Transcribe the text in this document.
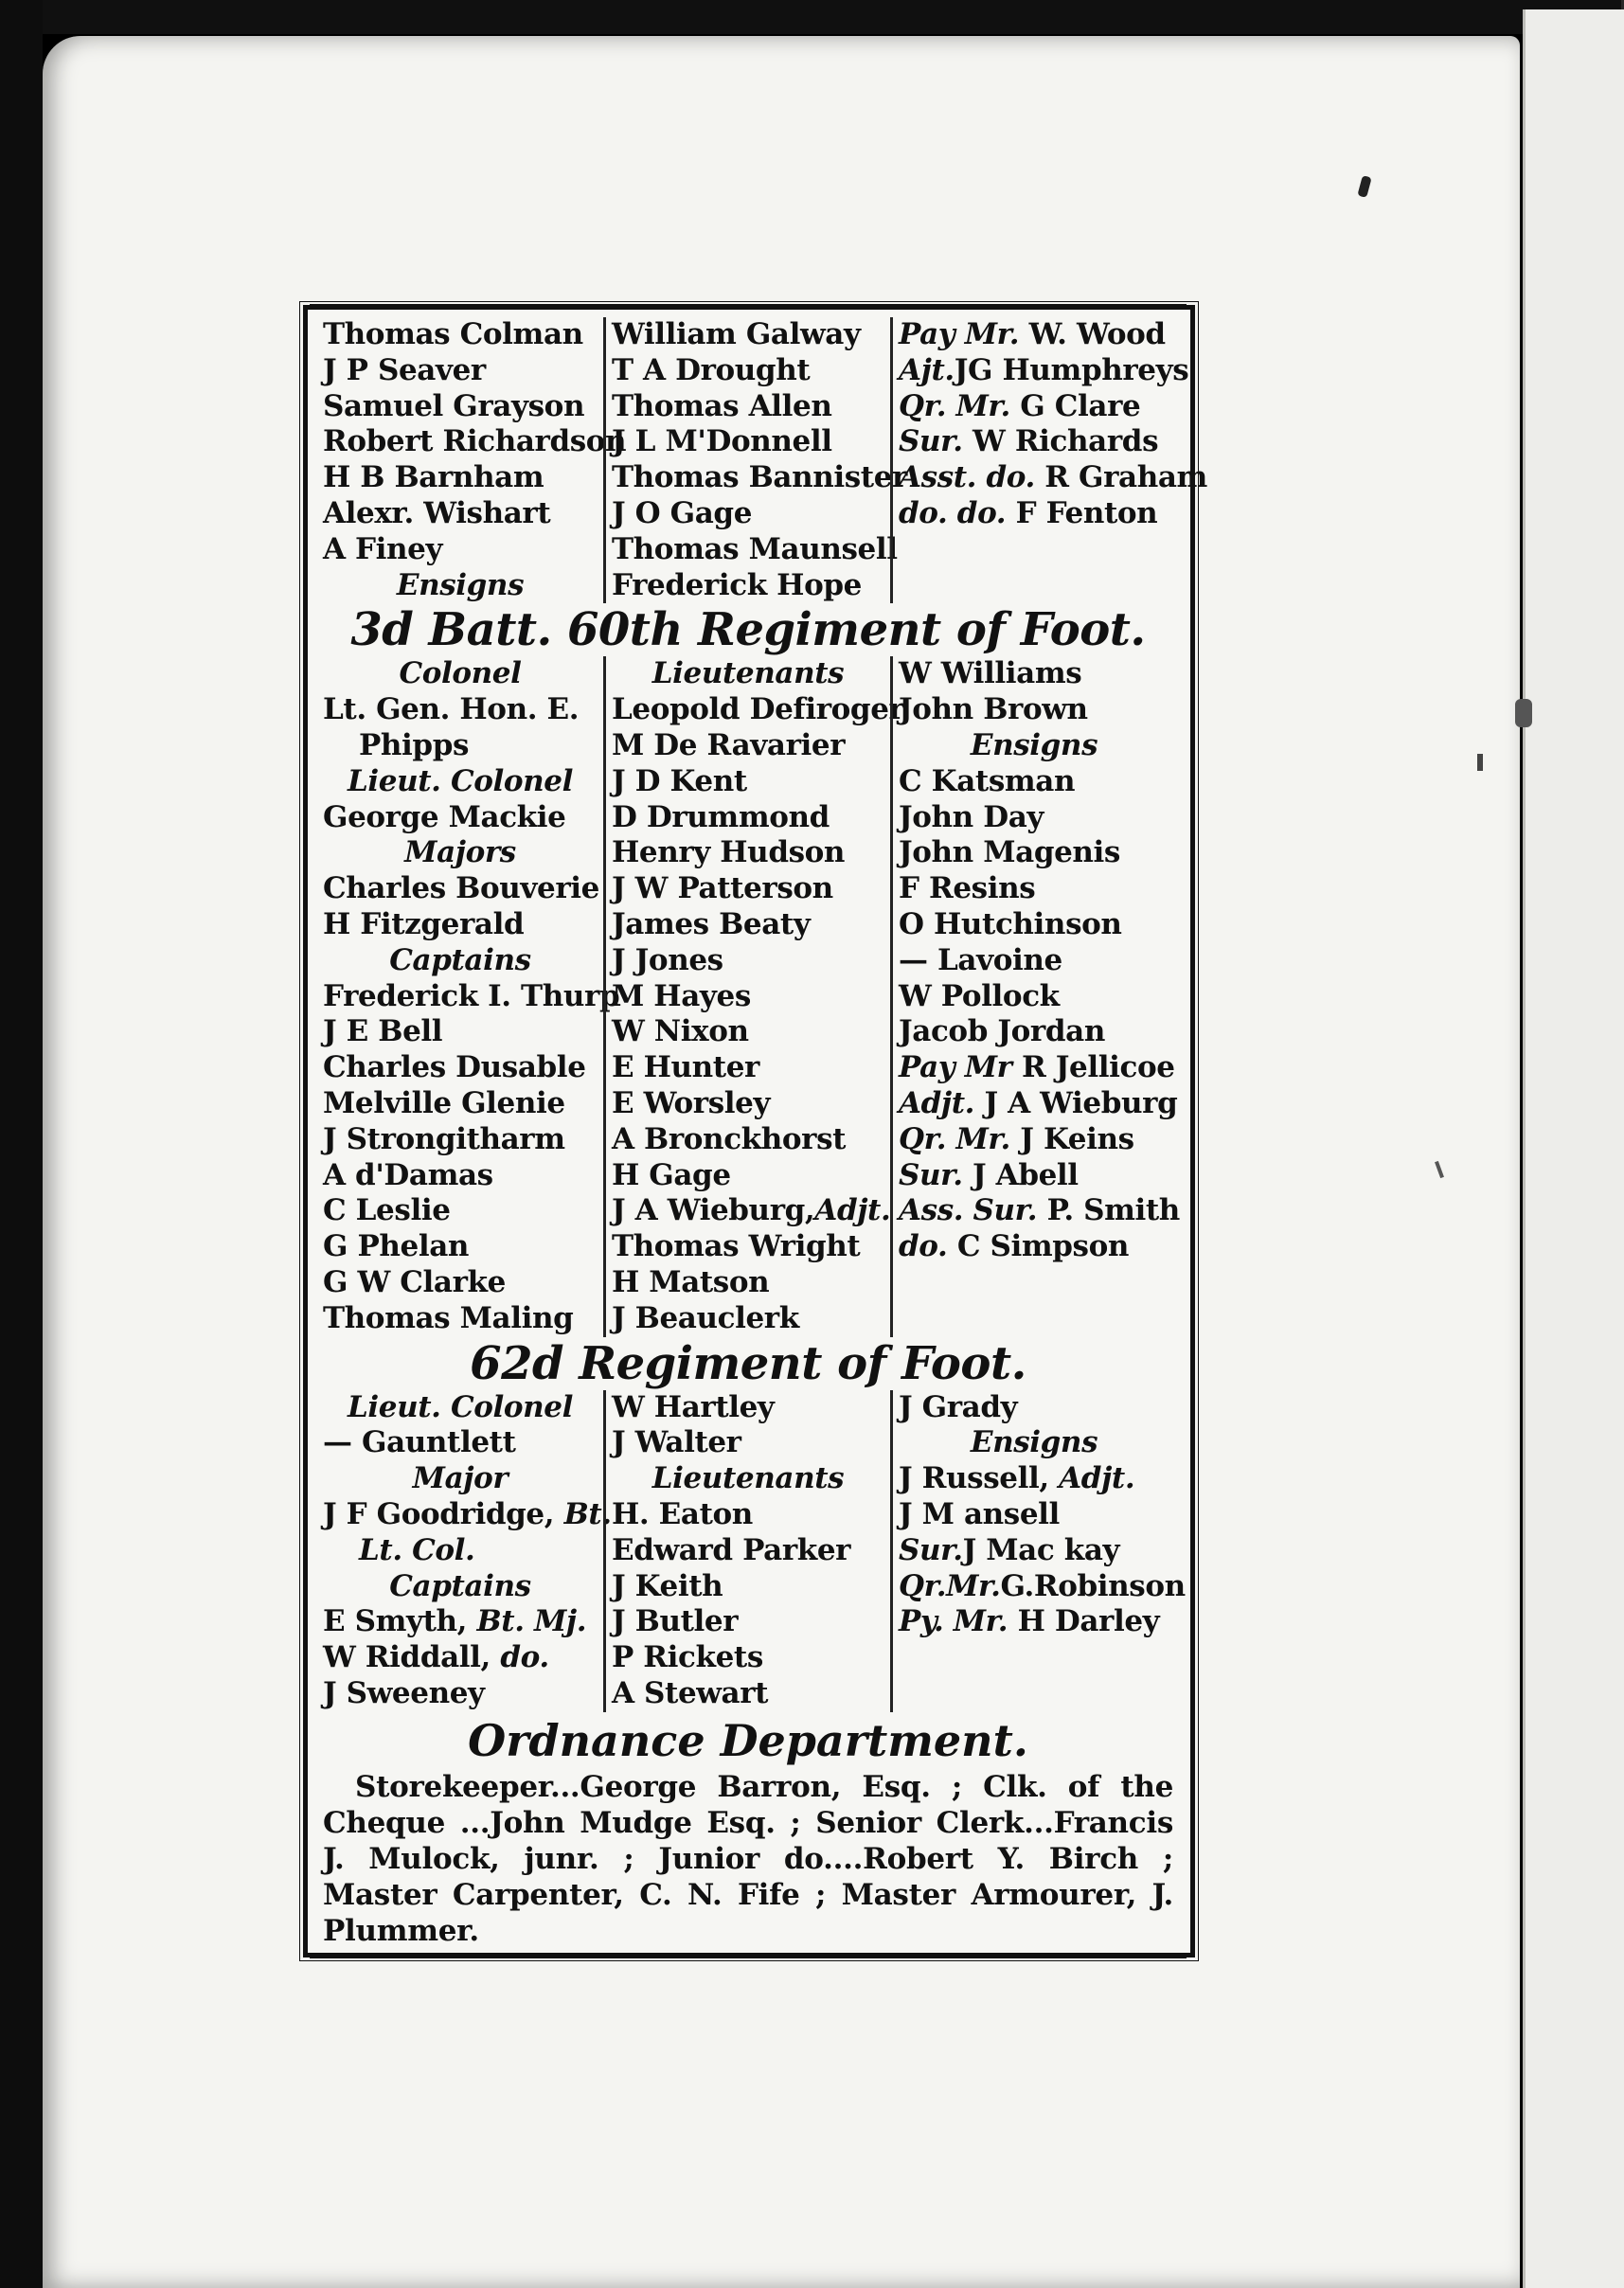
Thomas Colman
J P Seaver
Samuel Grayson
Robert Richardson
H B Barnham
Alexr. Wishart
A Finey
Ensigns
William Galway
T A Drought
Thomas Allen
J L M'Donnell
Thomas Bannister
J O Gage
Thomas Maunsell
Frederick Hope
Pay Mr. W. Wood
Ajt.JG Humphreys
Qr. Mr. G Clare
Sur. W Richards
Asst. do. R Graham
do. do. F Fenton
3d Batt. 60th Regiment of Foot.
Colonel
Lt. Gen. Hon. E.
Phipps
Lieut. Colonel
George Mackie
Majors
Charles Bouverie
H Fitzgerald
Captains
Frederick I. Thurp
J E Bell
Charles Dusable
Melville Glenie
J Strongitharm
A d'Damas
C Leslie
G Phelan
G W Clarke
Thomas Maling
Lieutenants
Leopold Defiroger
M De Ravarier
J D Kent
D Drummond
Henry Hudson
J W Patterson
James Beaty
J Jones
M Hayes
W Nixon
E Hunter
E Worsley
A Bronckhorst
H Gage
J A Wieburg,Adjt.
Thomas Wright
H Matson
J Beauclerk
W Williams
John Brown
Ensigns
C Katsman
John Day
John Magenis
F Resins
O Hutchinson
— Lavoine
W Pollock
Jacob Jordan
Pay Mr R Jellicoe
Adjt. J A Wieburg
Qr. Mr. J Keins
Sur. J Abell
Ass. Sur. P. Smith
do. C Simpson
62d Regiment of Foot.
Lieut. Colonel
— Gauntlett
Major
J F Goodridge, Bt.
Lt. Col.
Captains
E Smyth, Bt. Mj.
W Riddall, do.
J Sweeney
W Hartley
J Walter
Lieutenants
H. Eaton
Edward Parker
J Keith
J Butler
P Rickets
A Stewart
J Grady
Ensigns
J Russell, Adjt.
J M ansell
Sur.J Mac kay
Qr.Mr.G.Robinson
Py. Mr. H Darley
Ordnance Department.
Storekeeper...George Barron, Esq. ; Clk. of the Cheque ...John Mudge Esq. ; Senior Clerk...Francis J. Mulock, junr. ; Junior do....Robert Y. Birch ; Master Carpenter, C. N. Fife ; Master Armourer, J. Plummer.
